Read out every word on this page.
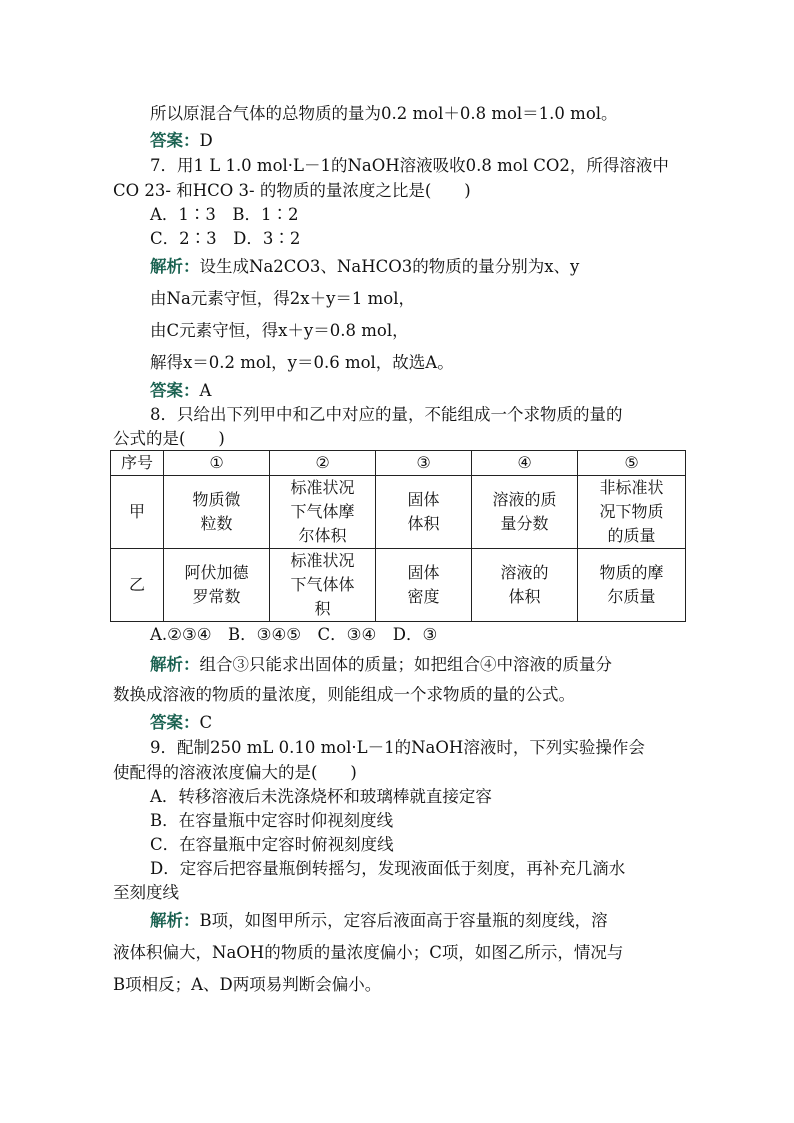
所以原混合气体的总物质的量为0.2 mol＋0.8 mol＝1.0 mol。
答案：D
7．用1 L 1.0 mol·L－1的NaOH溶液吸收0.8 mol CO2，所得溶液中
CO 23- 和HCO 3- 的物质的量浓度之比是(　　)
A．1∶3　B．1∶2
C．2∶3　D．3∶2
解析：设生成Na2CO3、NaHCO3的物质的量分别为x、y
由Na元素守恒，得2x＋y＝1 mol，
由C元素守恒，得x＋y＝0.8 mol，
解得x＝0.2 mol，y＝0.6 mol，故选A。
答案：A
8．只给出下列甲中和乙中对应的量，不能组成一个求物质的量的
公式的是(　　)
序号	①	②	③	④	⑤
甲	物质微
粒数	标准状况
下气体摩
尔体积	固体
体积	溶液的质
量分数	非标准状
况下物质
的质量
乙	阿伏加德
罗常数	标准状况
下气体体
积	固体
密度	溶液的
体积	物质的摩
尔质量
A.②③④　B．③④⑤　C．③④　D．③
解析：组合③只能求出固体的质量；如把组合④中溶液的质量分
数换成溶液的物质的量浓度，则能组成一个求物质的量的公式。
答案：C
9．配制250 mL 0.10 mol·L－1的NaOH溶液时，下列实验操作会
使配得的溶液浓度偏大的是(　　)
A．转移溶液后未洗涤烧杯和玻璃棒就直接定容
B．在容量瓶中定容时仰视刻度线
C．在容量瓶中定容时俯视刻度线
D．定容后把容量瓶倒转摇匀，发现液面低于刻度，再补充几滴水
至刻度线
解析：B项，如图甲所示，定容后液面高于容量瓶的刻度线，溶
液体积偏大，NaOH的物质的量浓度偏小；C项，如图乙所示，情况与
B项相反；A、D两项易判断会偏小。
